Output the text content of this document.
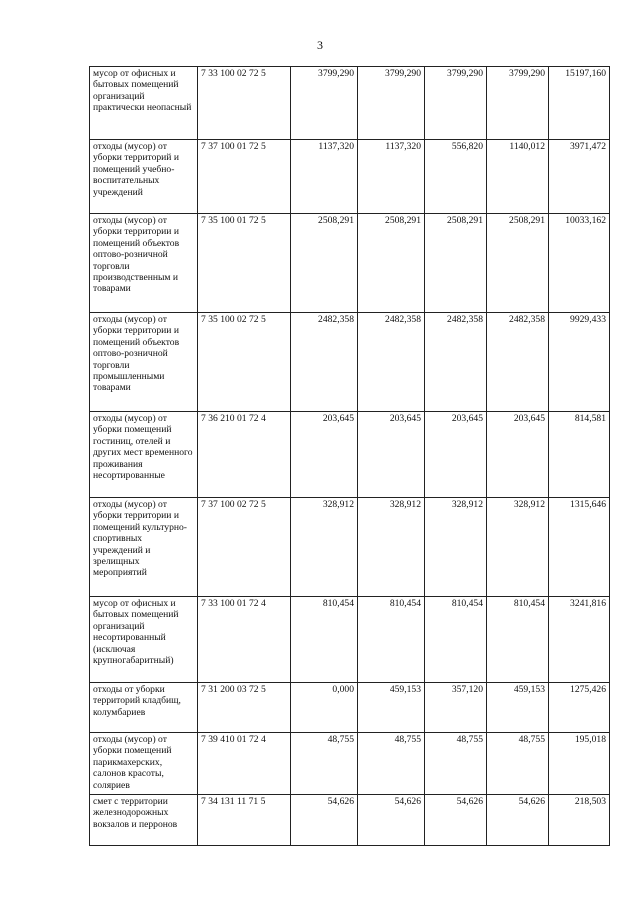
3
мусор от офисных и бытовых помещений организаций практически неопасный	7 33 100 02 72 5	3799,290	3799,290	3799,290	3799,290	15197,160
отходы (мусор) от уборки территорий и помещений учебно-воспитательных учреждений	7 37 100 01 72 5	1137,320	1137,320	556,820	1140,012	3971,472
отходы (мусор) от уборки территории и помещений объектов оптово-розничной торговли производственным и товарами	7 35 100 01 72 5	2508,291	2508,291	2508,291	2508,291	10033,162
отходы (мусор) от уборки территории и помещений объектов оптово-розничной торговли промышленными товарами	7 35 100 02 72 5	2482,358	2482,358	2482,358	2482,358	9929,433
отходы (мусор) от уборки помещений гостиниц, отелей и других мест временного проживания несортированные	7 36 210 01 72 4	203,645	203,645	203,645	203,645	814,581
отходы (мусор) от уборки территории и помещений культурно-спортивных учреждений и зрелищных мероприятий	7 37 100 02 72 5	328,912	328,912	328,912	328,912	1315,646
мусор от офисных и бытовых помещений организаций несортированный (исключая крупногабаритный)	7 33 100 01 72 4	810,454	810,454	810,454	810,454	3241,816
отходы от уборки территорий кладбищ, колумбариев	7 31 200 03 72 5	0,000	459,153	357,120	459,153	1275,426
отходы (мусор) от уборки помещений парикмахерских, салонов красоты, соляриев	7 39 410 01 72 4	48,755	48,755	48,755	48,755	195,018
смет с территории железнодорожных вокзалов и перронов	7 34 131 11 71 5	54,626	54,626	54,626	54,626	218,503
